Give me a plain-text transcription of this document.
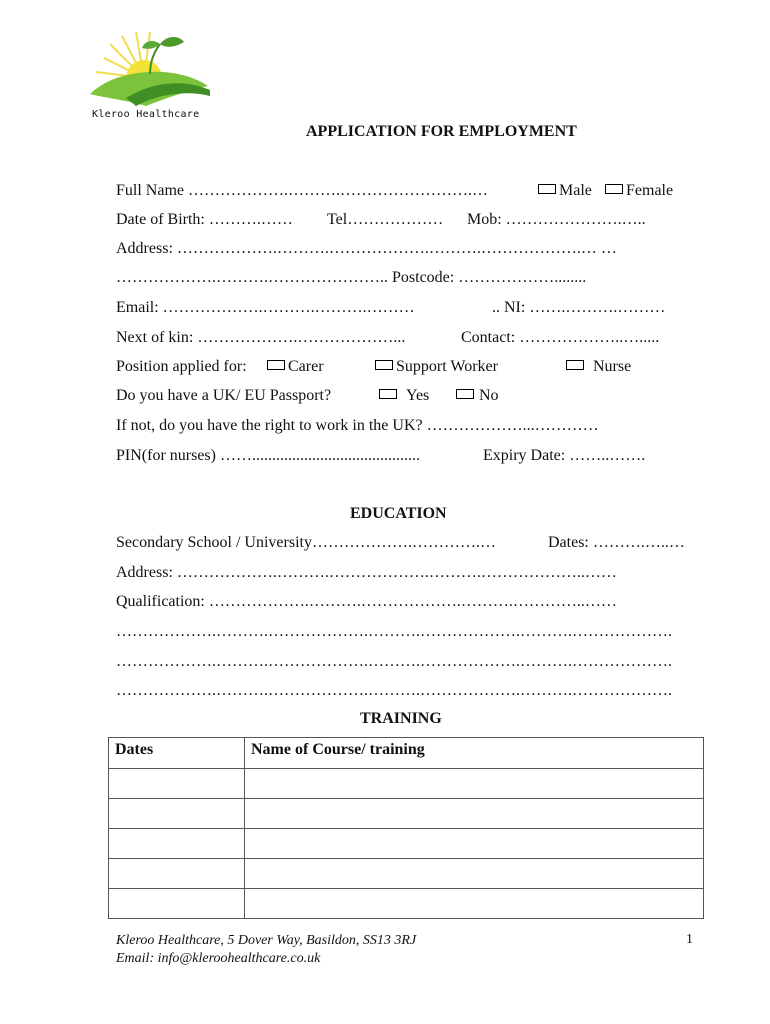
Kleroo Healthcare
APPLICATION FOR EMPLOYMENT
Full Name ……………….……….…………………….…	Male	Female
Date of Birth: ……….…… Tel……………… Mob: ………………….…..
Address: ……………….……….……………….……….……………….… …
……………….……….………………….. Postcode: ………………........
Email: ……………….……….……….………	.. NI: …….……….………
Next of kin: ……………….………………...	Contact: ………………..….....
Position applied for:	Carer	Support Worker	Nurse
Do you have a UK/ EU Passport?	Yes	No
If not, do you have the right to work in the UK? ………………...…………
PIN(for nurses) ……..........................................	Expiry Date: ……..…….
EDUCATION
Secondary School / University……………….………….…	Dates: ……….…..…
Address: ……………….……….……………….……….………………..……
Qualification: ……………….……….……………….……….…………..……
……………….……….……………….……….……………….……….……………….
……………….……….……………….……….……………….……….……………….
……………….……….……………….……….……………….……….……………….
TRAINING
Dates	Name of Course/ training

Kleroo Healthcare, 5 Dover Way, Basildon, SS13 3RJ
Email: info@kleroohealthcare.co.uk
1
